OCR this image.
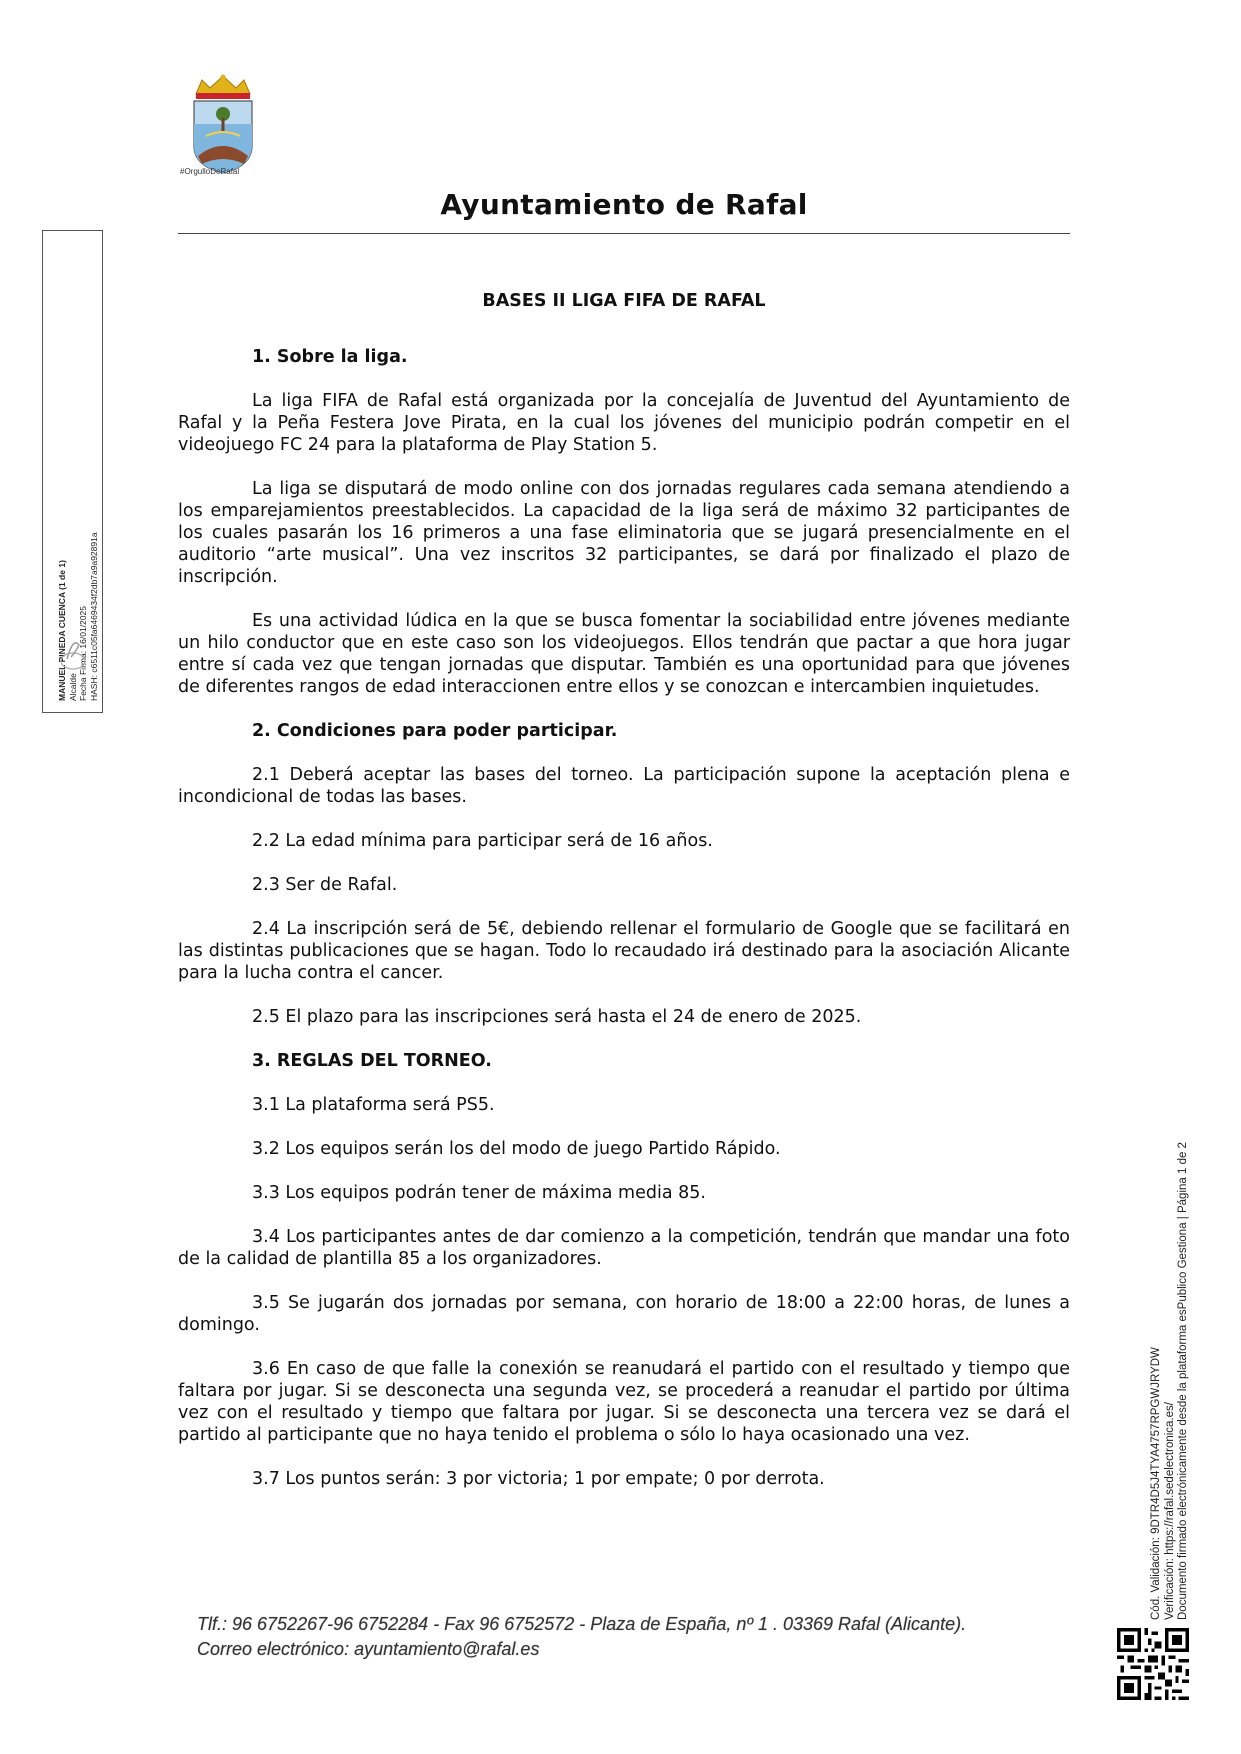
#OrgulloDeRafal
Ayuntamiento de Rafal
MANUEL PINEDA CUENCA (1 de 1) Alcalde Fecha Firma: 16/01/2025 HASH: c6511c05fa6469434f2db7a9a92891a
BASES II LIGA FIFA DE RAFAL
1. Sobre la liga.

La liga FIFA de Rafal está organizada por la concejalía de Juventud del Ayuntamiento de Rafal y la Peña Festera Jove Pirata, en la cual los jóvenes del municipio podrán competir en el videojuego FC 24 para la plataforma de Play Station 5.

La liga se disputará de modo online con dos jornadas regulares cada semana atendiendo a los emparejamientos preestablecidos. La capacidad de la liga será de máximo 32 participantes de los cuales pasarán los 16 primeros a una fase eliminatoria que se jugará presencialmente en el auditorio “arte musical”. Una vez inscritos 32 participantes, se dará por finalizado el plazo de inscripción.

Es una actividad lúdica en la que se busca fomentar la sociabilidad entre jóvenes mediante un hilo conductor que en este caso son los videojuegos. Ellos tendrán que pactar a que hora jugar entre sí cada vez que tengan jornadas que disputar. También es una oportunidad para que jóvenes de diferentes rangos de edad interaccionen entre ellos y se conozcan e intercambien inquietudes.

2. Condiciones para poder participar.

2.1 Deberá aceptar las bases del torneo. La participación supone la aceptación plena e incondicional de todas las bases.

2.2 La edad mínima para participar será de 16 años.

2.3 Ser de Rafal.

2.4 La inscripción será de 5€, debiendo rellenar el formulario de Google que se facilitará en las distintas publicaciones que se hagan. Todo lo recaudado irá destinado para la asociación Alicante para la lucha contra el cancer.

2.5 El plazo para las inscripciones será hasta el 24 de enero de 2025.

3. REGLAS DEL TORNEO.

3.1 La plataforma será PS5.

3.2 Los equipos serán los del modo de juego Partido Rápido.

3.3 Los equipos podrán tener de máxima media 85.

3.4 Los participantes antes de dar comienzo a la competición, tendrán que mandar una foto de la calidad de plantilla 85 a los organizadores.

3.5 Se jugarán dos jornadas por semana, con horario de 18:00 a 22:00 horas, de lunes a domingo.

3.6 En caso de que falle la conexión se reanudará el partido con el resultado y tiempo que faltara por jugar. Si se desconecta una segunda vez, se procederá a reanudar el partido por última vez con el resultado y tiempo que faltara por jugar. Si se desconecta una tercera vez se dará el partido al participante que no haya tenido el problema o sólo lo haya ocasionado una vez.

3.7 Los puntos serán: 3 por victoria; 1 por empate; 0 por derrota.

Tlf.: 96 6752267-96 6752284 - Fax 96 6752572 - Plaza de España, nº 1 . 03369 Rafal (Alicante).
Correo electrónico: ayuntamiento@rafal.es
Cód. Validación: 9DTR4D5J4TYA4757RPGWJRYDW Verificación: https://rafal.sedelectronica.es/ Documento firmado electrónicamente desde la plataforma esPublico Gestiona | Página 1 de 2
